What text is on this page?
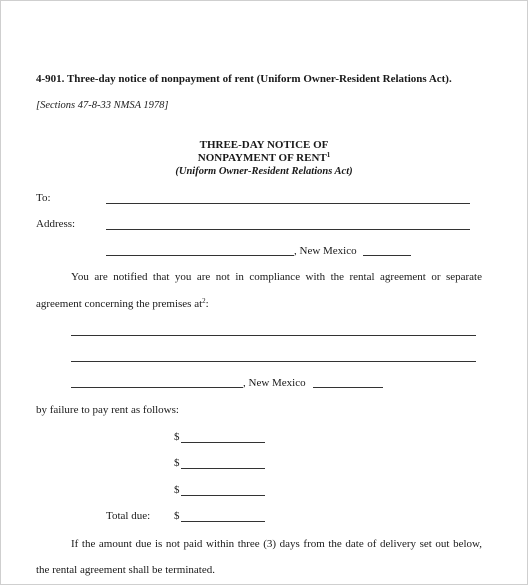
4-901. Three-day notice of nonpayment of rent (Uniform Owner-Resident Relations Act).
[Sections 47-8-33 NMSA 1978]
THREE-DAY NOTICE OF
NONPAYMENT OF RENT$^1$
(Uniform Owner-Resident Relations Act)
To:
Address:
, New Mexico
You are notified that you are not in compliance with the rental agreement or separate
agreement concerning the premises $at^2$:
, New Mexico
by failure to pay rent as follows:
$
$
$
Total due: $
If the amount due is not paid within three (3) days from the date of delivery set out below,
the rental agreement shall be terminated.
